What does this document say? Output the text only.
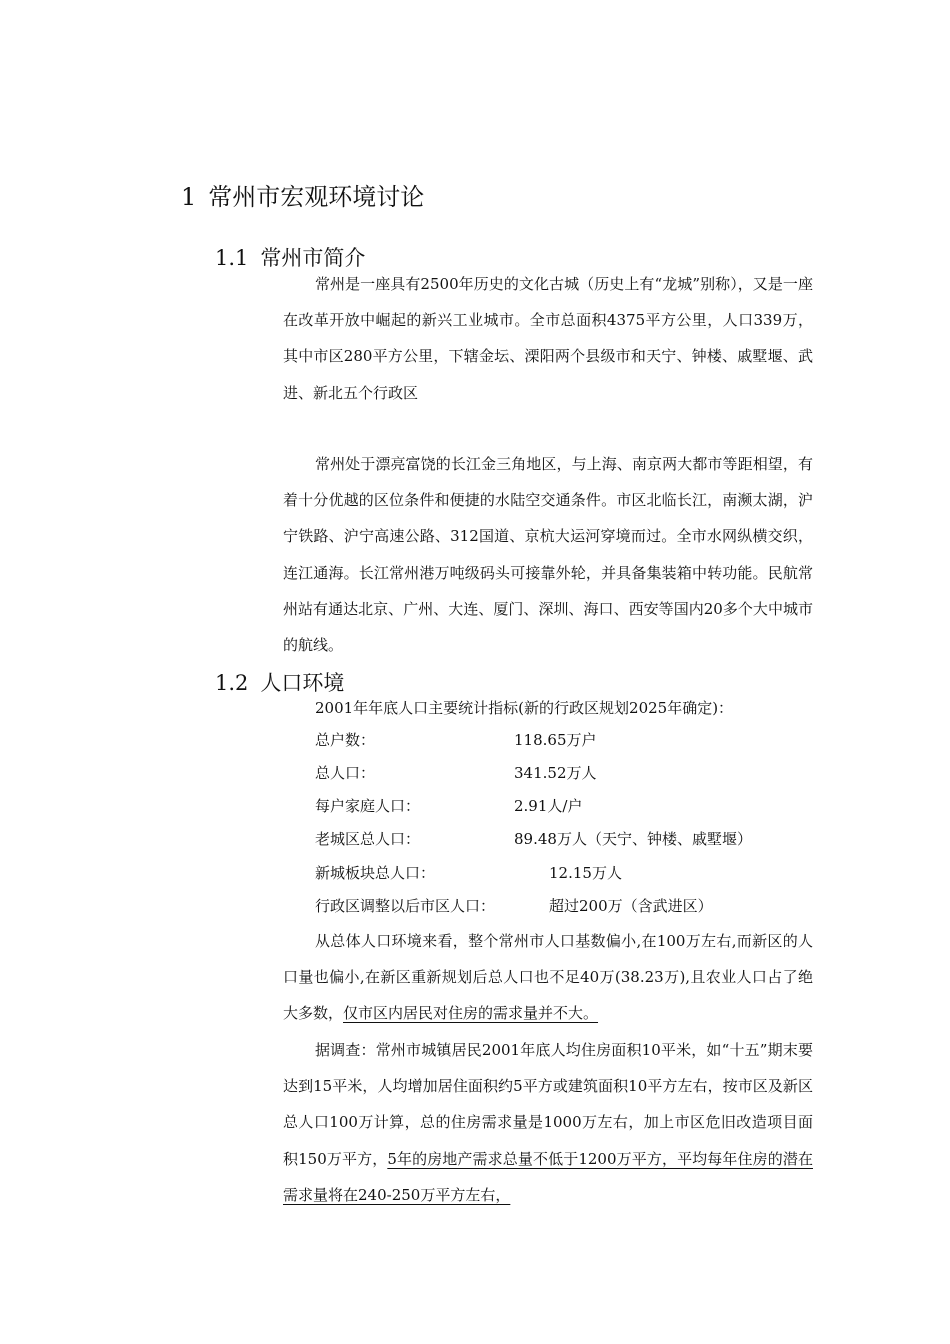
1 常州市宏观环境讨论
1.1 常州市简介

常州是一座具有2500年历史的文化古城（历史上有“龙城”别称），又是一座在改革开放中崛起的新兴工业城市。全市总面积4375平方公里，人口339万，其中市区280平方公里，下辖金坛、溧阳两个县级市和天宁、钟楼、戚墅堰、武进、新北五个行政区

常州处于漂亮富饶的长江金三角地区，与上海、南京两大都市等距相望，有着十分优越的区位条件和便捷的水陆空交通条件。市区北临长江，南濒太湖，沪宁铁路、沪宁高速公路、312国道、京杭大运河穿境而过。全市水网纵横交织，连江通海。长江常州港万吨级码头可接靠外轮，并具备集装箱中转功能。民航常州站有通达北京、广州、大连、厦门、深圳、海口、西安等国内20多个大中城市的航线。

1.2 人口环境
2001年年底人口主要统计指标(新的行政区规划2025年确定)：
总户数：	118.65万户
总人口：	341.52万人
每户家庭人口：	2.91人/户
老城区总人口：	89.48万人（天宁、钟楼、戚墅堰）
新城板块总人口：	12.15万人
行政区调整以后市区人口：	超过200万（含武进区）

从总体人口环境来看，整个常州市人口基数偏小,在100万左右,而新区的人口量也偏小,在新区重新规划后总人口也不足40万(38.23万),且农业人口占了绝大多数，仅市区内居民对住房的需求量并不大。

据调查：常州市城镇居民2001年底人均住房面积10平米，如“十五”期末要达到15平米，人均增加居住面积约5平方或建筑面积10平方左右，按市区及新区总人口100万计算，总的住房需求量是1000万左右，加上市区危旧改造项目面积150万平方，5年的房地产需求总量不低于1200万平方，平均每年住房的潜在需求量将在240-250万平方左右，
